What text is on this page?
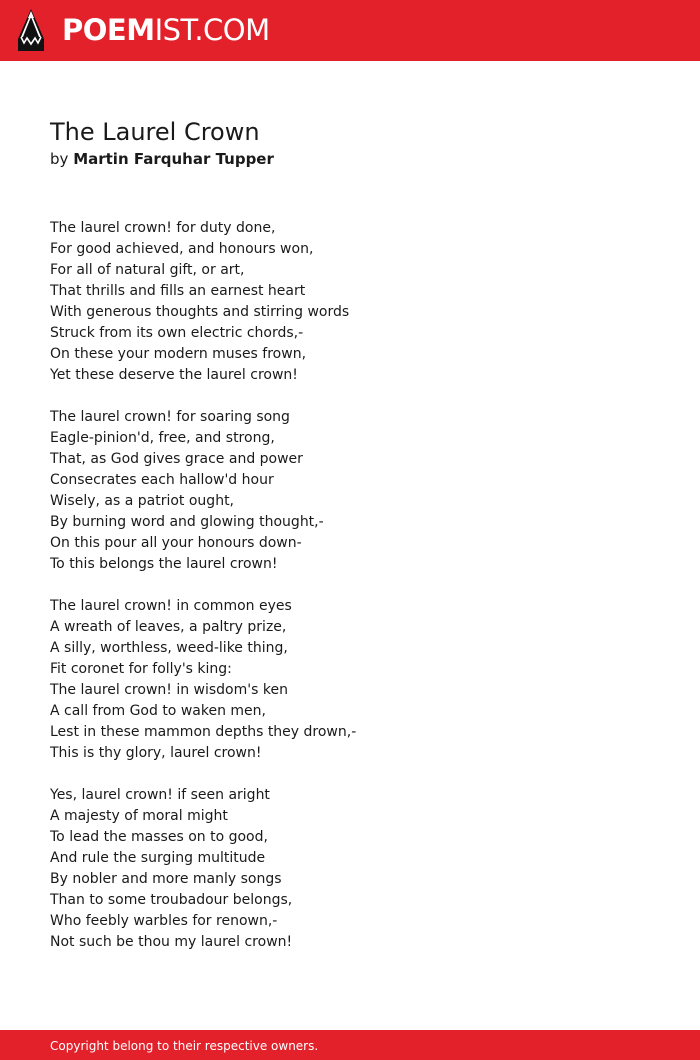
POEMIST.COM
The Laurel Crown
by Martin Farquhar Tupper
The laurel crown! for duty done,
For good achieved, and honours won,
For all of natural gift, or art,
That thrills and fills an earnest heart
With generous thoughts and stirring words
Struck from its own electric chords,-
On these your modern muses frown,
Yet these deserve the laurel crown!
The laurel crown! for soaring song
Eagle-pinion'd, free, and strong,
That, as God gives grace and power
Consecrates each hallow'd hour
Wisely, as a patriot ought,
By burning word and glowing thought,-
On this pour all your honours down-
To this belongs the laurel crown!
The laurel crown! in common eyes
A wreath of leaves, a paltry prize,
A silly, worthless, weed-like thing,
Fit coronet for folly's king:
The laurel crown! in wisdom's ken
A call from God to waken men,
Lest in these mammon depths they drown,-
This is thy glory, laurel crown!
Yes, laurel crown! if seen aright
A majesty of moral might
To lead the masses on to good,
And rule the surging multitude
By nobler and more manly songs
Than to some troubadour belongs,
Who feebly warbles for renown,-
Not such be thou my laurel crown!
Copyright belong to their respective owners.
